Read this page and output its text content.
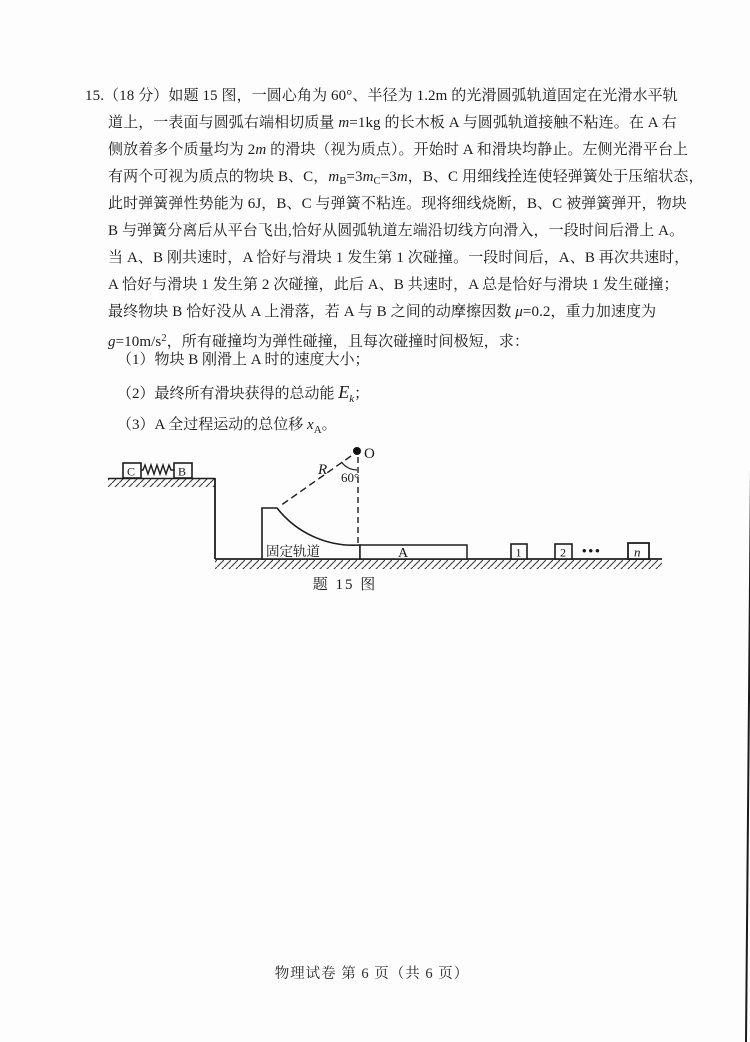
15.（18 分）如题 15 图，一圆心角为 60°、半径为 1.2m 的光滑圆弧轨道固定在光滑水平轨
道上，一表面与圆弧右端相切质量 m=1kg 的长木板 A 与圆弧轨道接触不粘连。在 A 右
侧放着多个质量均为 2m 的滑块（视为质点）。开始时 A 和滑块均静止。左侧光滑平台上
有两个可视为质点的物块 B、C，$m_B=3m_C=3m$，B、C 用细线拴连使轻弹簧处于压缩状态，
此时弹簧弹性势能为 6J，B、C 与弹簧不粘连。现将细线烧断，B、C 被弹簧弹开，物块
B 与弹簧分离后从平台飞出,恰好从圆弧轨道左端沿切线方向滑入，一段时间后滑上 A。
当 A、B 刚共速时，A 恰好与滑块 1 发生第 1 次碰撞。一段时间后，A、B 再次共速时，
A 恰好与滑块 1 发生第 2 次碰撞，此后 A、B 共速时，A 总是恰好与滑块 1 发生碰撞；
最终物块 B 恰好没从 A 上滑落，若 A 与 B 之间的动摩擦因数 μ=0.2，重力加速度为
$g=10m/s^2$，所有碰撞均为弹性碰撞，且每次碰撞时间极短，求：
（1）物块 B 刚滑上 A 时的速度大小；
（2）最终所有滑块获得的总动能 $E_k$；
（3）A 全过程运动的总位移 $x_A$。
C	B
固定轨道
O
R 60°
A	1	2 ••• n
题 15 图
物理试卷 第 6 页（共 6 页）
